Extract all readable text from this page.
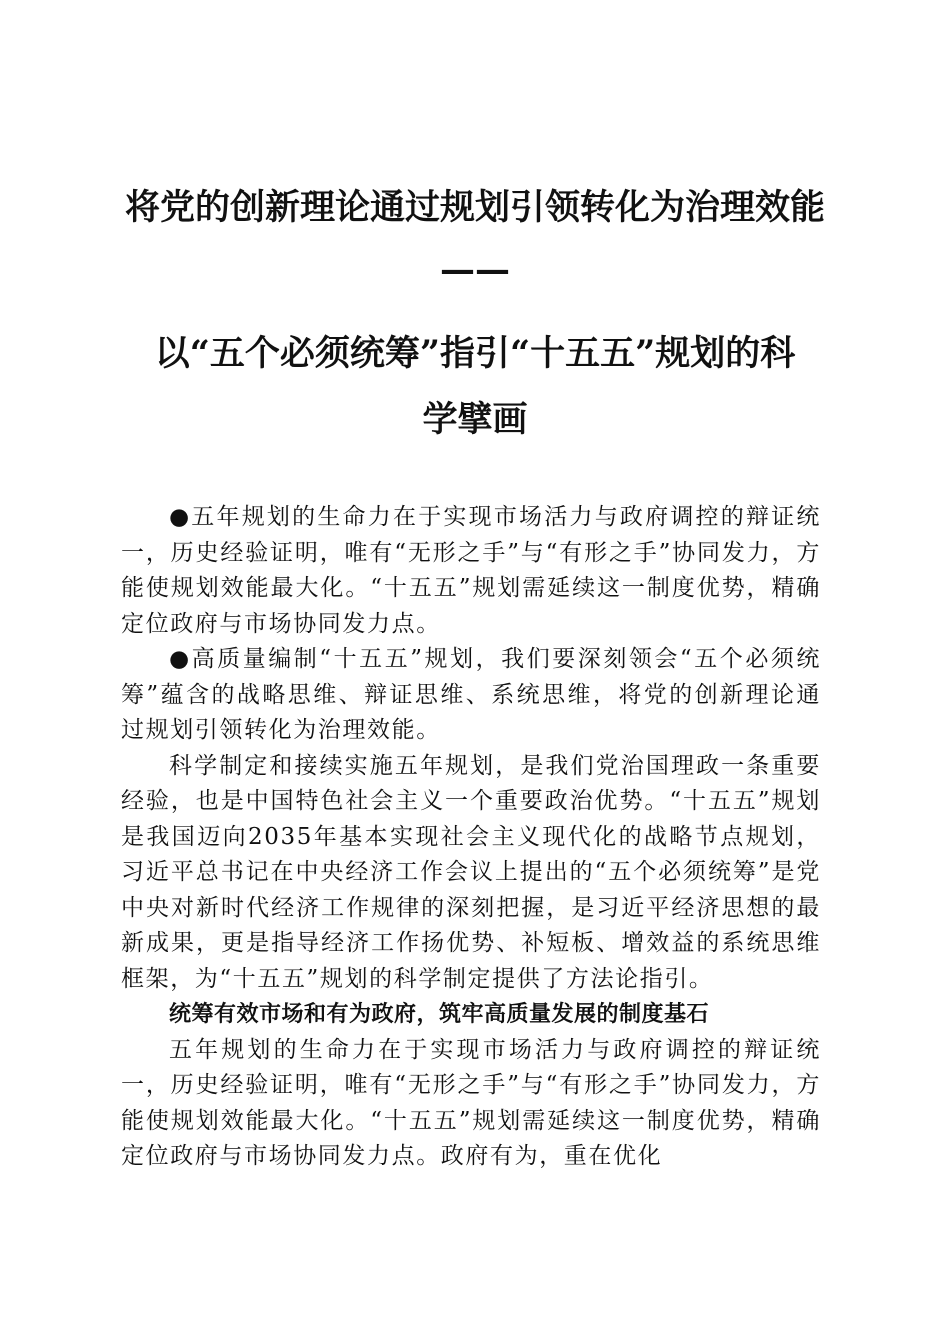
将党的创新理论通过规划引领转化为治理效能
——
以“五个必须统筹”指引“十五五”规划的科
学擘画

●五年规划的生命力在于实现市场活力与政府调控的辩证统一，历史经验证明，唯有“无形之手”与“有形之手”协同发力，方能使规划效能最大化。“十五五”规划需延续这一制度优势，精确定位政府与市场协同发力点。

●高质量编制“十五五”规划，我们要深刻领会“五个必须统筹”蕴含的战略思维、辩证思维、系统思维，将党的创新理论通过规划引领转化为治理效能。

科学制定和接续实施五年规划，是我们党治国理政一条重要经验，也是中国特色社会主义一个重要政治优势。“十五五”规划是我国迈向2035年基本实现社会主义现代化的战略节点规划，习近平总书记在中央经济工作会议上提出的“五个必须统筹”是党中央对新时代经济工作规律的深刻把握，是习近平经济思想的最新成果，更是指导经济工作扬优势、补短板、增效益的系统思维框架，为“十五五”规划的科学制定提供了方法论指引。

统筹有效市场和有为政府，筑牢高质量发展的制度基石

五年规划的生命力在于实现市场活力与政府调控的辩证统一，历史经验证明，唯有“无形之手”与“有形之手”协同发力，方能使规划效能最大化。“十五五”规划需延续这一制度优势，精确定位政府与市场协同发力点。政府有为，重在优化
